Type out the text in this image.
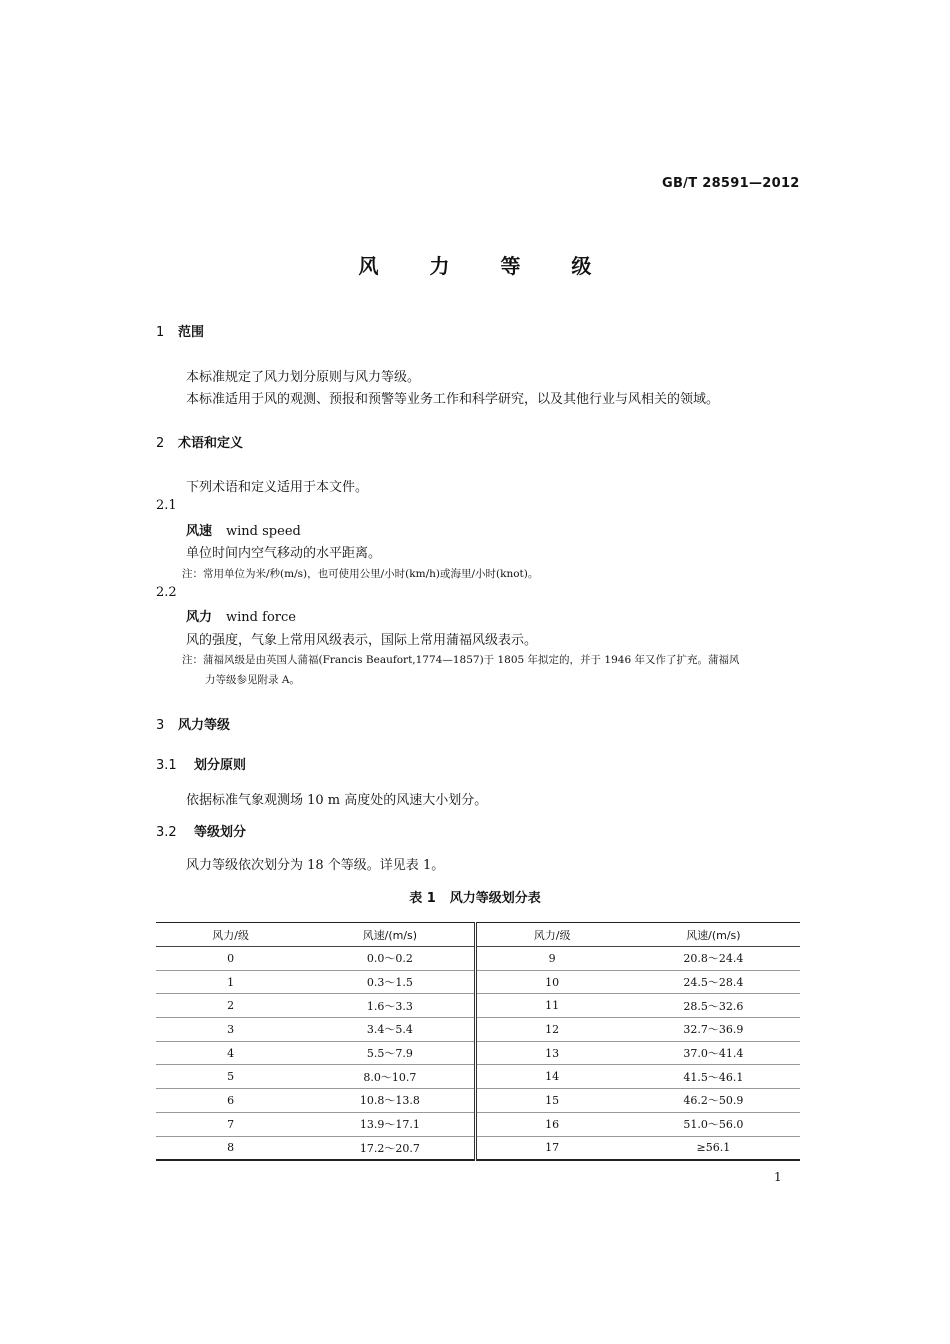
GB/T 28591—2012
风 力 等 级
1 范围
本标准规定了风力划分原则与风力等级。
本标准适用于风的观测、预报和预警等业务工作和科学研究，以及其他行业与风相关的领域。
2 术语和定义
下列术语和定义适用于本文件。
2.1
风速 wind speed
单位时间内空气移动的水平距离。
注：常用单位为米/秒(m/s)，也可使用公里/小时(km/h)或海里/小时(knot)。
2.2
风力 wind force
风的强度，气象上常用风级表示，国际上常用蒲福风级表示。
注：蒲福风级是由英国人蒲福(Francis Beaufort,1774—1857)于 1805 年拟定的，并于 1946 年又作了扩充。蒲福风
力等级参见附录 A。
3 风力等级
3.1 划分原则
依据标准气象观测场 10 m 高度处的风速大小划分。
3.2 等级划分
风力等级依次划分为 18 个等级。详见表 1。
表 1 风力等级划分表
风力/级	风速/(m/s)	风力/级	风速/(m/s)
0	0.0～0.2	9	20.8～24.4
1	0.3～1.5	10	24.5～28.4
2	1.6～3.3	11	28.5～32.6
3	3.4～5.4	12	32.7～36.9
4	5.5～7.9	13	37.0～41.4
5	8.0～10.7	14	41.5～46.1
6	10.8～13.8	15	46.2～50.9
7	13.9～17.1	16	51.0～56.0
8	17.2～20.7	17	≥56.1
1
